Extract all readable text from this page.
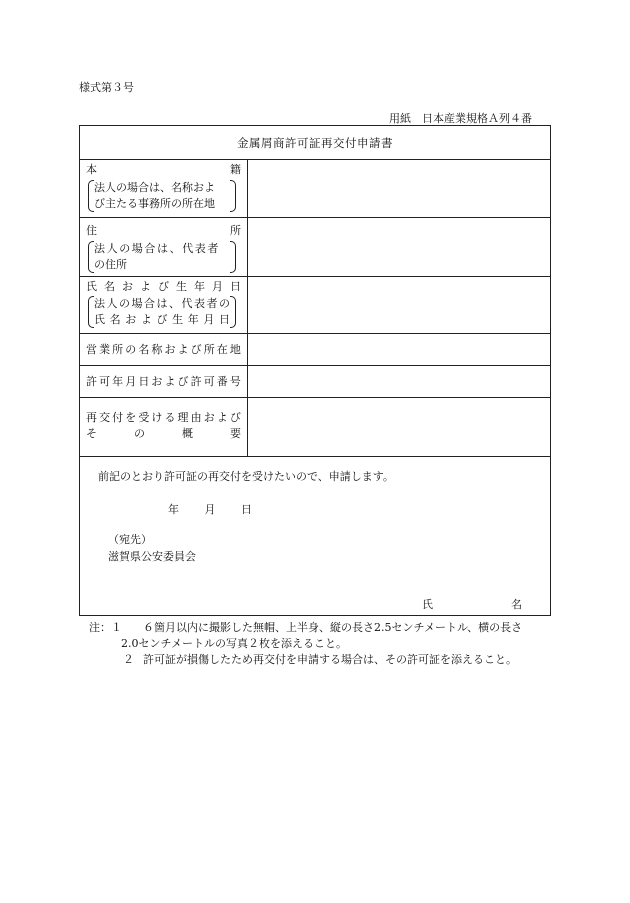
様式第３号
用紙　日本産業規格Ａ列４番
金属屑商許可証再交付申請書
本	籍
法人の場合は、名称およ
び主たる事務所の所在地
住	所
法人の場合は、代表者
の住所
氏 名 お よ び 生 年 月 日
法 人 の 場 合 は 、 代 表 者 の
氏 名 お よ び 生 年 月 日
営 業 所 の 名 称 お よ び 所 在 地
許 可 年 月 日 お よ び 許 可 番 号
再 交 付 を 受 け る 理 由 お よ び
そ	の	概	要
前記のとおり許可証の再交付を受けたいので、申請します。
年 月 日
（宛先）
滋賀県公安委員会
氏	名
注：１	６箇月以内に撮影した無帽、上半身、縦の長さ2.5センチメートル、横の長さ
2.0センチメートルの写真２枚を添えること。
２ 許可証が損傷したため再交付を申請する場合は、その許可証を添えること。
